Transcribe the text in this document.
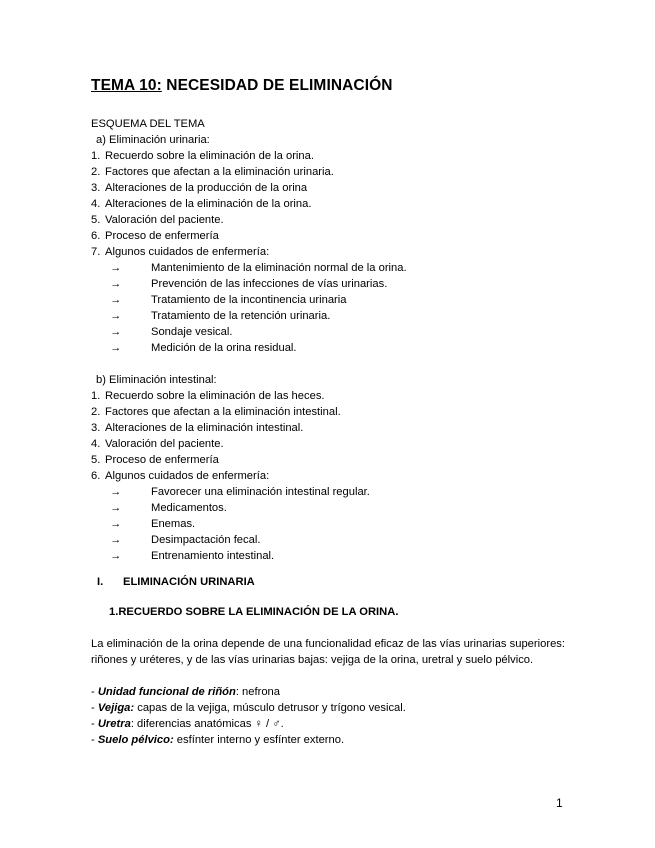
TEMA 10: NECESIDAD DE ELIMINACIÓN
ESQUEMA DEL TEMA
a) Eliminación urinaria:
1. Recuerdo sobre la eliminación de la orina.
2. Factores que afectan a la eliminación urinaria.
3. Alteraciones de la producción de la orina
4. Alteraciones de la eliminación de la orina.
5. Valoración del paciente.
6. Proceso de enfermería
7. Algunos cuidados de enfermería:
→	Mantenimiento de la eliminación normal de la orina.
→	Prevención de las infecciones de vías urinarias.
→	Tratamiento de la incontinencia urinaria
→	Tratamiento de la retención urinaria.
→	Sondaje vesical.
→	Medición de la orina residual.
b) Eliminación intestinal:
1. Recuerdo sobre la eliminación de las heces.
2. Factores que afectan a la eliminación intestinal.
3. Alteraciones de la eliminación intestinal.
4. Valoración del paciente.
5. Proceso de enfermería
6. Algunos cuidados de enfermería:
→	Favorecer una eliminación intestinal regular.
→	Medicamentos.
→	Enemas.
→	Desimpactación fecal.
→	Entrenamiento intestinal.
I. ELIMINACIÓN URINARIA
1.RECUERDO SOBRE LA ELIMINACIÓN DE LA ORINA.

La eliminación de la orina depende de una funcionalidad eficaz de las vías urinarias superiores: riñones y uréteres, y de las vías urinarias bajas: vejiga de la orina, uretral y suelo pélvico.

- Unidad funcional de riñón: nefrona
- Vejiga: capas de la vejiga, músculo detrusor y trígono vesical.
- Uretra: diferencias anatómicas ♀ / ♂.
- Suelo pélvico: esfínter interno y esfínter externo.
1
